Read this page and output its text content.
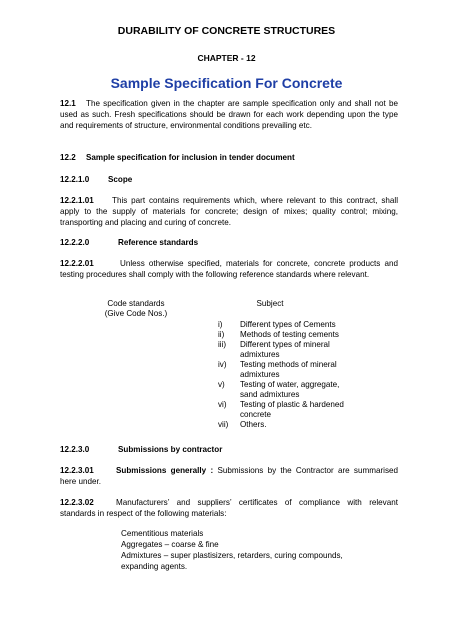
DURABILITY OF CONCRETE STRUCTURES
CHAPTER - 12
Sample Specification For Concrete
12.1 The specification given in the chapter are sample specification only and shall not be used as such. Fresh specifications should be drawn for each work depending upon the type and requirements of structure, environmental conditions prevailing etc.
12.2 Sample specification for inclusion in tender document
12.2.1.0 Scope
12.2.1.01 This part contains requirements which, where relevant to this contract, shall apply to the supply of materials for concrete; design of mixes; quality control; mixing, transporting and placing and curing of concrete.
12.2.2.0	Reference standards
12.2.2.01	Unless otherwise specified, materials for concrete, concrete products and testing procedures shall comply with the following reference standards where relevant.
Code standards
(Give Code Nos.)
Subject
i)	Different types of Cements
ii)	Methods of testing cements
iii)	Different types of mineral
admixtures
iv)	Testing methods of mineral
admixtures
v)	Testing of water, aggregate,
sand admixtures
vi)	Testing of plastic & hardened
concrete
vii)	Others.
12.2.3.0	Submissions by contractor
12.2.3.01	Submissions generally : Submissions by the Contractor are summarised here under.
12.2.3.02	Manufacturers’ and suppliers’ certificates of compliance with relevant standards in respect of the following materials:
Cementitious materials
Aggregates – coarse & fine
Admixtures – super plastisizers, retarders, curing compounds,
expanding agents.
